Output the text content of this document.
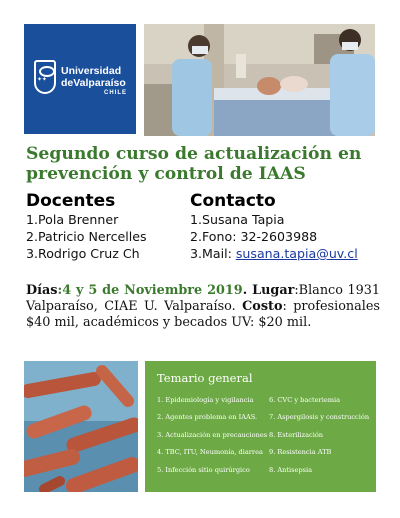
✦ ✦
Universidad
deValparaíso
CHILE
Segundo curso de actualización en prevención y control de IAAS
Docentes
1.Pola Brenner
2.Patricio Nercelles
3.Rodrigo Cruz Ch
Contacto
1.Susana Tapia
2.Fono: 32-2603988
3.Mail: susana.tapia@uv.cl
Días:4 y 5 de Noviembre 2019. Lugar:Blanco 1931 Valparaíso, CIAE U. Valparaíso. Costo: profesionales $40 mil, académicos y becados UV: $20 mil.
Temario general
1. Epidemiología y vigilancia
2. Agentes problema en IAAS.
3. Actualización en precauciones
4. TBC, ITU, Neumonía, diarrea
5. Infección sitio quirúrgico
6. CVC y bacteriemia
7. Aspergilosis y construcción
8. Esterilización
9. Resistencia ATB
8. Antisepsia
